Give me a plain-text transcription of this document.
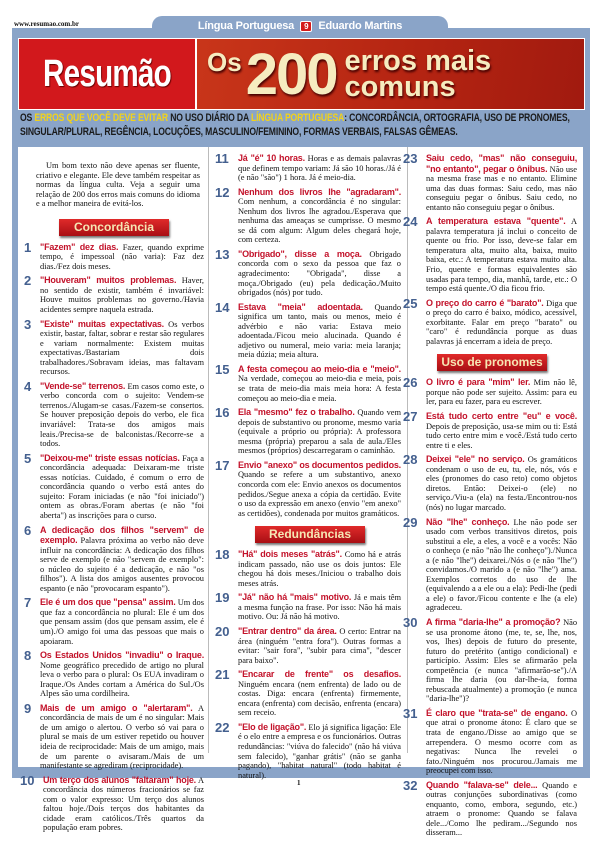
www.resumao.com.br	Língua Portuguesa	9 Eduardo Martins
Resumão Os 200 erros mais
comuns
OS ERROS QUE VOCÊ DEVE EVITAR NO USO DIÁRIO DA LÍNGUA PORTUGUESA: CONCORDÂNCIA, ORTOGRAFIA, USO DE PRONOMES, SINGULAR/PLURAL, REGÊNCIA, LOCUÇÕES, MASCULINO/FEMININO, FORMAS VERBAIS, FALSAS GÊMEAS.
Um bom texto não deve apenas ser fluente, criativo e elegante. Ele deve também respeitar as normas da língua culta. Veja a seguir uma relação de 200 dos erros mais comuns do idioma e a melhor maneira de evitá-los.
Concordância
1 "Fazem" dez dias. Fazer, quando exprime tempo, é impessoal (não varia): Faz dez dias./Fez dois meses.
2 "Houveram" muitos problemas. Haver, no sentido de existir, também é invariável: Houve muitos problemas no governo./Havia acidentes sempre naquela estrada.
3 "Existe" muitas expectativas. Os verbos existir, bastar, faltar, sobrar e restar são regulares e variam normalmente: Existem muitas expectativas./Bastariam dois trabalhadores./Sobravam ideias, mas faltavam recursos.
4 "Vende-se" terrenos. Em casos como este, o verbo concorda com o sujeito: Vendem-se terrenos./Alugam-se casas./Fazem-se consertos. Se houver preposição depois do verbo, ele fica invariável: Trata-se dos amigos mais leais./Precisa-se de balconistas./Recorre-se a todos.
5 "Deixou-me" triste essas notícias. Faça a concordância adequada: Deixaram-me triste essas notícias. Cuidado, é comum o erro de concordância quando o verbo está antes do sujeito: Foram iniciadas (e não "foi iniciado") ontem as obras./Foram abertas (e não "foi aberta") as inscrições para o curso.
6 A dedicação dos filhos "servem" de exemplo. Palavra próxima ao verbo não deve influir na concordância: A dedicação dos filhos serve de exemplo (e não "servem de exemplo": o núcleo do sujeito é a dedicação, e não "os filhos"). A lista dos amigos ausentes provocou espanto (e não "provocaram espanto").
7 Ele é um dos que "pensa" assim. Um dos que faz a concordância no plural: Ele é um dos que pensam assim (dos que pensam assim, ele é um)./O amigo foi uma das pessoas que mais o apoiaram.
8 Os Estados Unidos "invadiu" o Iraque. Nome geográfico precedido de artigo no plural leva o verbo para o plural: Os EUA invadiram o Iraque./Os Andes cortam a América do Sul./Os Alpes são uma cordilheira.
9 Mais de um amigo o "alertaram". A concordância de mais de um é no singular: Mais de um amigo o alertou. O verbo só vai para o plural se mais de um estiver repetido ou houver ideia de reciprocidade: Mais de um amigo, mais de um parente o avisaram./Mais de um manifestante se agrediram (reciprocidade).
10 Um terço dos alunos "faltaram" hoje. A concordância dos números fracionários se faz com o valor expresso: Um terço dos alunos faltou hoje./Dois terços dos habitantes da cidade eram católicos./Três quartos da população eram pobres.
11 Já "é" 10 horas. Horas e as demais palavras que definem tempo variam: Já são 10 horas./Já é (e não "são") 1 hora. Já é meio-dia.
12 Nenhum dos livros lhe "agradaram". Com nenhum, a concordância é no singular: Nenhum dos livros lhe agradou./Esperava que nenhuma das ameaças se cumprisse. O mesmo se dá com algum: Algum deles chegará hoje, com certeza.
13 "Obrigado", disse a moça. Obrigado concorda com o sexo da pessoa que faz o agradecimento: "Obrigada", disse a moça./Obrigado (eu) pela dedicação./Muito obrigados (nós) por tudo.
14 Estava "meia" adoentada. Quando significa um tanto, mais ou menos, meio é advérbio e não varia: Estava meio adoentada./Ficou meio alucinada. Quando é adjetivo ou numeral, meio varia: meia laranja; meia dúzia; meia altura.
15 A festa começou ao meio-dia e "meio". Na verdade, começou ao meio-dia e meia, pois se trata de meio-dia mais meia hora: A festa começou ao meio-dia e meia.
16 Ela "mesmo" fez o trabalho. Quando vem depois de substantivo ou pronome, mesmo varia (equivale a próprio ou própria): A professora mesma (própria) preparou a sala de aula./Eles mesmos (próprios) descarregaram o caminhão.
17 Envio "anexo" os documentos pedidos. Quando se refere a um substantivo, anexo concorda com ele: Envio anexos os documentos pedidos./Segue anexa a cópia da certidão. Evite o uso da expressão em anexo (envio "em anexo" as certidões), condenada por muitos gramáticos.
Redundâncias
18 "Há" dois meses "atrás". Como há e atrás indicam passado, não use os dois juntos: Ele chegou há dois meses./Iniciou o trabalho dois meses atrás.
19 "Já" não há "mais" motivo. Já e mais têm a mesma função na frase. Por isso: Não há mais motivo. Ou: Já não há motivo.
20 "Entrar dentro" da área. O certo: Entrar na área (ninguém "entra fora"). Outras formas a evitar: "sair fora", "subir para cima", "descer para baixo".
21 "Encarar de frente" os desafios. Ninguém encara (nem enfrenta) de lado ou de costas. Diga: encara (enfrenta) firmemente, encara (enfrenta) com decisão, enfrenta (encara) sem receio.
22 "Elo de ligação". Elo já significa ligação: Ele é o elo entre a empresa e os funcionários. Outras redundâncias: "viúva do falecido" (não há viúva sem falecido), "ganhar grátis" (não se ganha pagando), "habitat natural" (todo habitat é natural).
23 Saiu cedo, "mas" não conseguiu, "no entanto", pegar o ônibus. Não use na mesma frase mas e no entanto. Elimine uma das duas formas: Saiu cedo, mas não conseguiu pegar o ônibus. Saiu cedo, no entanto não conseguiu pegar o ônibus.
24 A temperatura estava "quente". A palavra temperatura já inclui o conceito de quente ou frio. Por isso, deve-se falar em temperatura alta, muito alta, baixa, muito baixa, etc.: A temperatura estava muito alta. Frio, quente e formas equivalentes são usadas para tempo, dia, manhã, tarde, etc.: O tempo está quente./O dia ficou frio.
25 O preço do carro é "barato". Diga que o preço do carro é baixo, módico, acessível, exorbitante. Falar em preço "barato" ou "caro" é redundância porque as duas palavras já encerram a ideia de preço.
Uso de pronomes
26 O livro é para "mim" ler. Mim não lê, porque não pode ser sujeito. Assim: para eu ler, para eu fazer, para eu escrever.
27 Está tudo certo entre "eu" e você. Depois de preposição, usa-se mim ou ti: Está tudo certo entre mim e você./Está tudo certo entre ti e eles.
28 Deixei "ele" no serviço. Os gramáticos condenam o uso de eu, tu, ele, nós, vós e eles (pronomes do caso reto) como objetos diretos. Então: Deixei-o (ele) no serviço./Viu-a (ela) na festa./Encontrou-nos (nós) no lugar marcado.
29 Não "lhe" conheço. Lhe não pode ser usado com verbos transitivos diretos, pois substitui a ele, a eles, a você e a vocês: Não o conheço (e não "não lhe conheço")./Nunca a (e não "lhe") deixarei./Nós o (e não "lhe") convidamos./O marido a (e não "lhe") ama. Exemplos corretos do uso de lhe (equivalendo a a ele ou a ela): Pedi-lhe (pedi a ele) o favor./Ficou contente e lhe (a ele) agradeceu.
30 A firma "daria-lhe" a promoção? Não se usa pronome átono (me, te, se, lhe, nos, vos, lhes) depois de futuro do presente, futuro do pretérito (antigo condicional) e particípio. Assim: Eles se afirmarão pela competência (e nunca "afirmarão-se")./A firma lhe daria (ou dar-lhe-ia, forma rebuscada atualmente) a promoção (e nunca "daria-lhe")?
31 É claro que "trata-se" de engano. O que atrai o pronome átono: É claro que se trata de engano./Disse ao amigo que se arrependera. O mesmo ocorre com as negativas: Nunca lhe revelei o fato./Ninguém nos procurou./Jamais me preocupei com isso.
32 Quando "falava-se" dele... Quando e outras conjunções subordinativas (como enquanto, como, embora, segundo, etc.) atraem o pronome: Quando se falava dele.../Como lhe pediram.../Segundo nos disseram...
1
